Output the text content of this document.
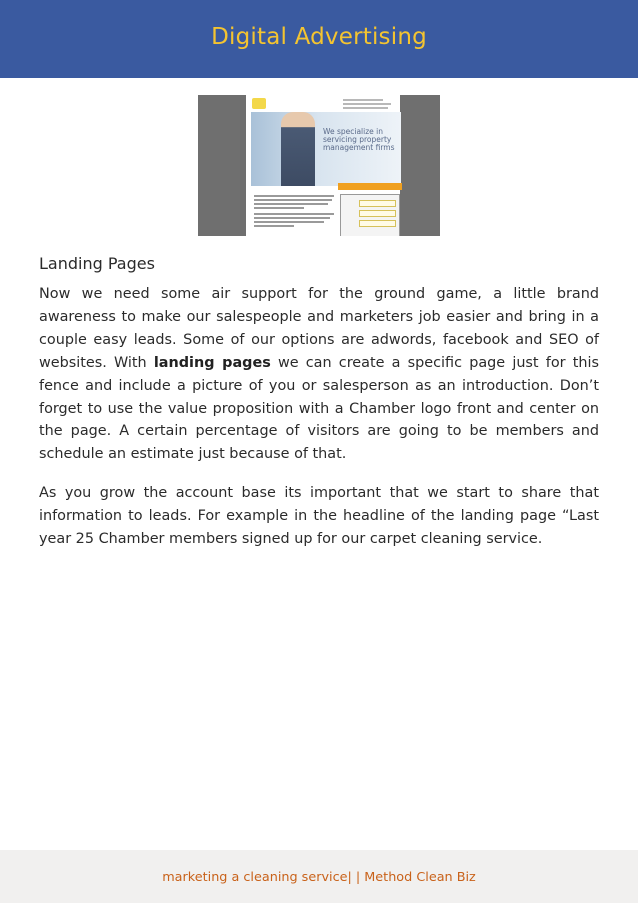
Digital Advertising
We specialize in servicing property management firms
Landing Pages

Now we need some air support for the ground game, a little brand awareness to make our salespeople and marketers job easier and bring in a couple easy leads. Some of our options are adwords, facebook and SEO of websites. With landing pages we can create a specific page just for this fence and include a picture of you or salesperson as an introduction. Don’t forget to use the value proposition with a Chamber logo front and center on the page. A certain percentage of visitors are going to be members and schedule an estimate just because of that.

As you grow the account base its important that we start to share that information to leads. For example in the headline of the landing page “Last year 25 Chamber members signed up for our carpet cleaning service.

marketing a cleaning service| | Method Clean Biz
